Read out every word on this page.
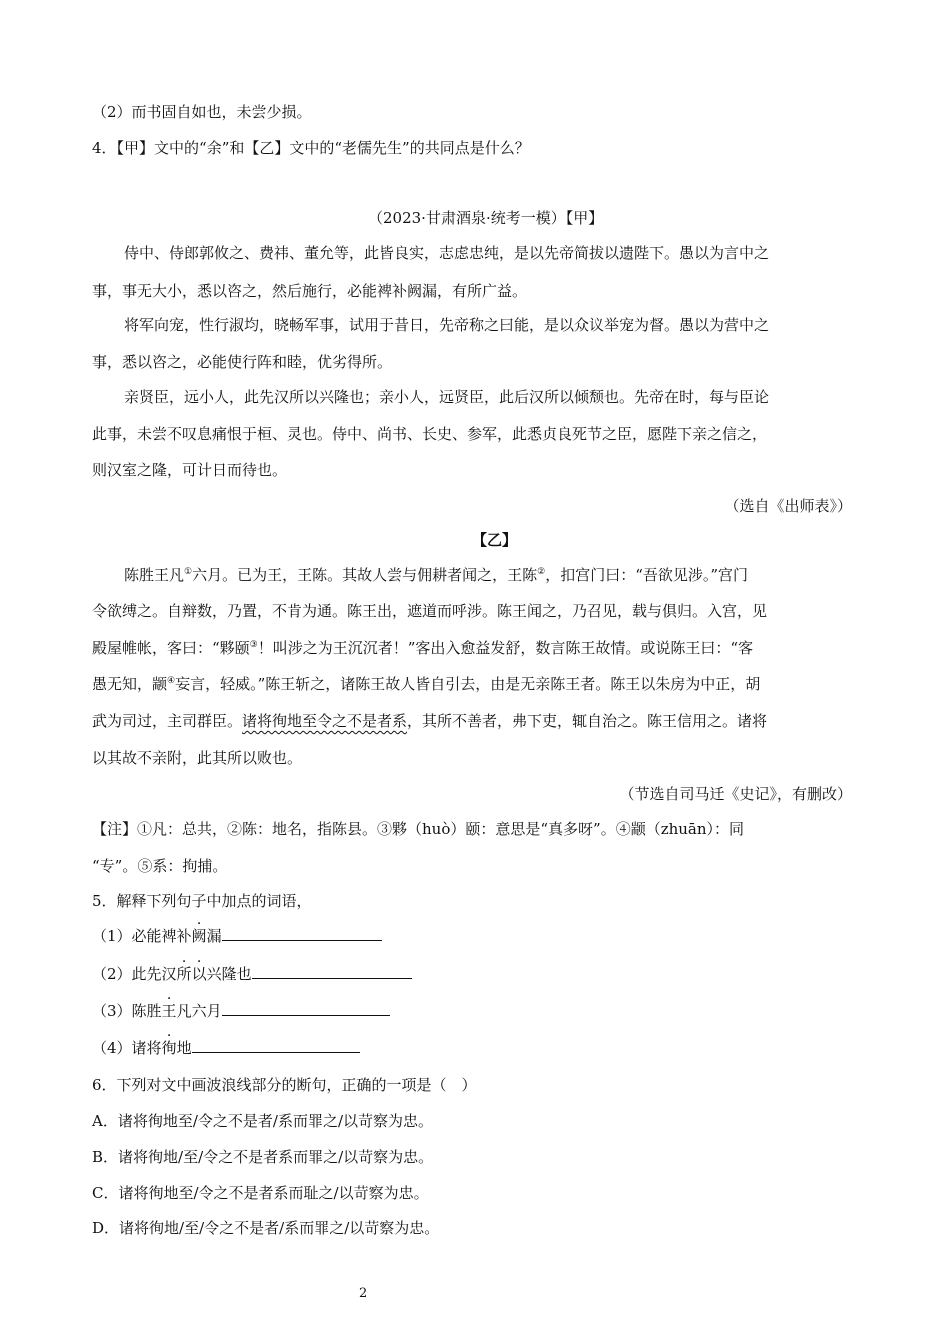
（2）而书固自如也，未尝少损。
4．【甲】文中的“余”和【乙】文中的“老儒先生”的共同点是什么？
（2023·甘肃酒泉·统考一模）【甲】
侍中、侍郎郭攸之、费祎、董允等，此皆良实，志虑忠纯，是以先帝简拔以遗陛下。愚以为言中之
事，事无大小，悉以咨之，然后施行，必能裨补阙漏，有所广益。
将军向宠，性行淑均，晓畅军事，试用于昔日，先帝称之曰能，是以众议举宠为督。愚以为营中之
事，悉以咨之，必能使行阵和睦，优劣得所。
亲贤臣，远小人，此先汉所以兴隆也；亲小人，远贤臣，此后汉所以倾颓也。先帝在时，每与臣论
此事，未尝不叹息痛恨于桓、灵也。侍中、尚书、长史、参军，此悉贞良死节之臣，愿陛下亲之信之，
则汉室之隆，可计日而待也。
（选自《出师表》）
【乙】
陈胜王凡①六月。已为王，王陈。其故人尝与佣耕者闻之，王陈②，扣宫门曰：“吾欲见涉。”宫门
令欲缚之。自辩数，乃置，不肯为通。陈王出，遮道而呼涉。陈王闻之，乃召见，载与俱归。入宫，见
殿屋帷帐，客曰：“夥颐③！叫涉之为王沉沉者！”客出入愈益发舒，数言陈王故情。或说陈王曰：“客
愚无知，颛④妄言，轻威。”陈王斩之，诸陈王故人皆自引去，由是无亲陈王者。陈王以朱房为中正，胡
武为司过，主司群臣。诸将徇地至令之不是者系，其所不善者，弗下吏，辄自治之。陈王信用之。诸将
以其故不亲附，此其所以败也。
（节选自司马迁《史记》，有删改）
【注】①凡：总共，②陈：地名，指陈县。③夥（huò）颐：意思是“真多呀”。④颛（zhuān）：同
“专”。⑤系：拘捕。
5．解释下列句子中加点的词语，
（1）必能裨补阙漏
（2）此先汉所以兴隆也
（3）陈胜王凡六月
（4）诸将徇地
6．下列对文中画波浪线部分的断句，正确的一项是（　）
A．诸将徇地至/令之不是者/系而罪之/以苛察为忠。
B．诸将徇地/至/令之不是者系而罪之/以苛察为忠。
C．诸将徇地至/令之不是者系而耻之/以苛察为忠。
D．诸将徇地/至/令之不是者/系而罪之/以苛察为忠。
2
